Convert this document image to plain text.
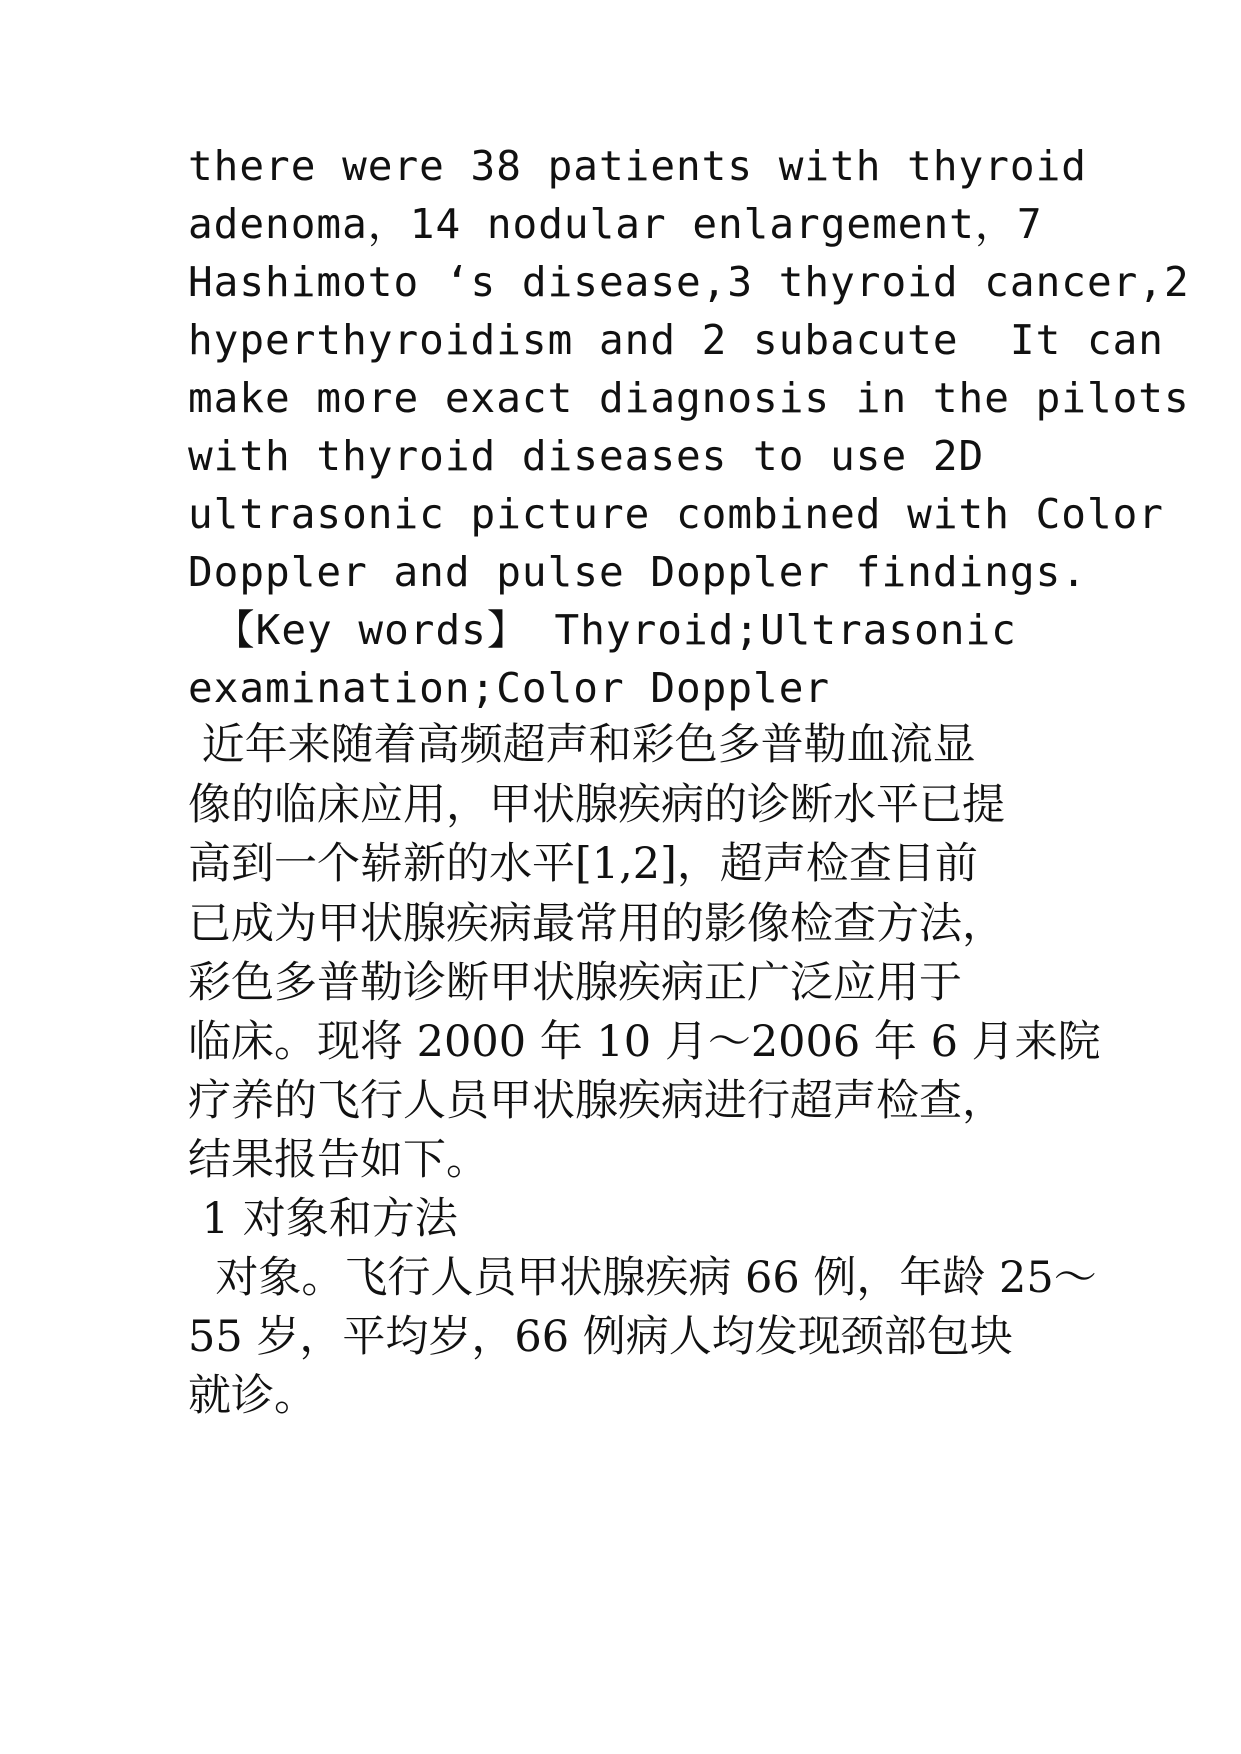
there were 38 patients with thyroid
adenoma，14 nodular enlargement，7
Hashimoto ‘s disease,3 thyroid cancer,2
hyperthyroidism and 2 subacute  It can
make more exact diagnosis in the pilots
with thyroid diseases to use 2D
ultrasonic picture combined with Color
Doppler and pulse Doppler findings.
【Key words】 Thyroid;Ultrasonic
examination;Color Doppler
近年来随着高频超声和彩色多普勒血流显
像的临床应用，甲状腺疾病的诊断水平已提
高到一个崭新的水平[1,2]，超声检查目前
已成为甲状腺疾病最常用的影像检查方法，
彩色多普勒诊断甲状腺疾病正广泛应用于
临床。现将 2000 年 10 月～2006 年 6 月来院
疗养的飞行人员甲状腺疾病进行超声检查，
结果报告如下。
1 对象和方法
对象。飞行人员甲状腺疾病 66 例，年龄 25～
55 岁，平均岁，66 例病人均发现颈部包块
就诊。
